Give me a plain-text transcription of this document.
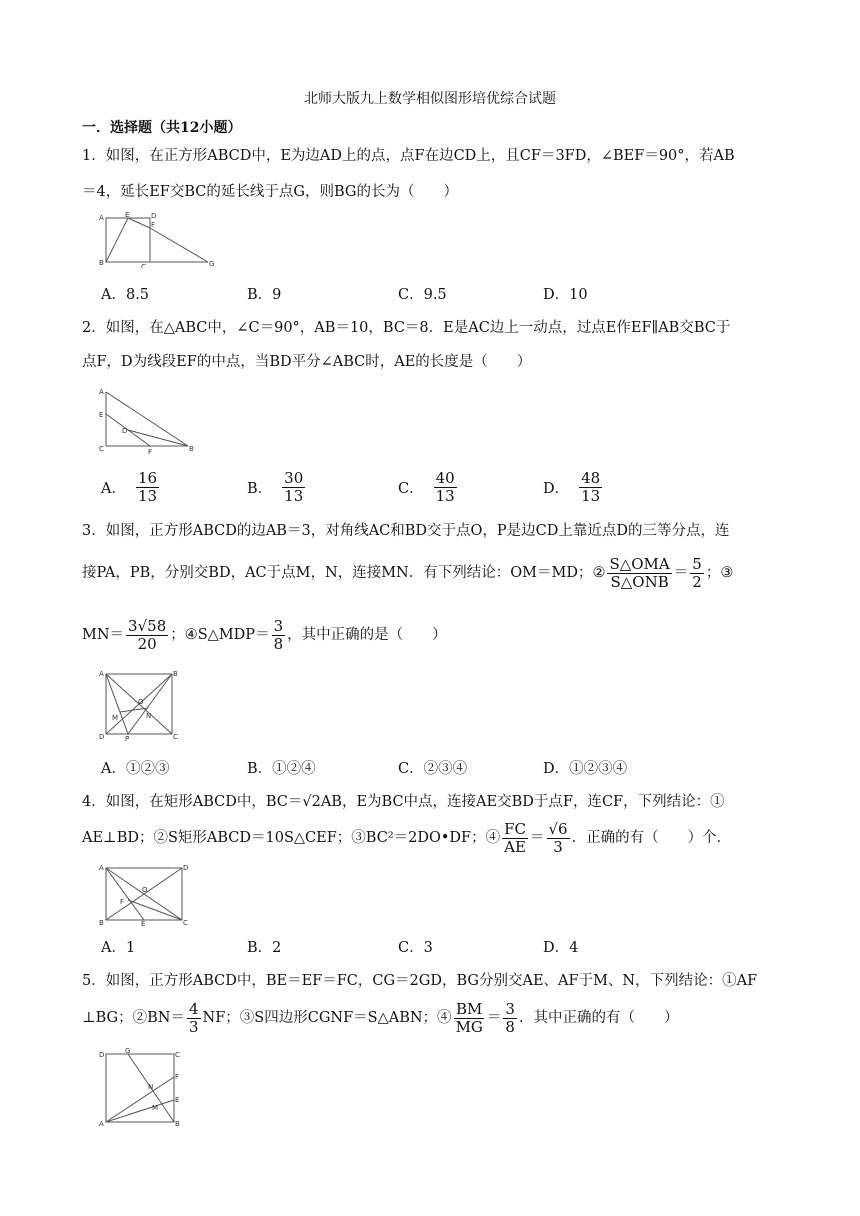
北师大版九上数学相似图形培优综合试题
一．选择题（共12小题）
1．如图，在正方形ABCD中，E为边AD上的点，点F在边CD上，且CF＝3FD，∠BEF＝90°，若AB
＝4，延长EF交BC的延长线于点G，则BG的长为（　　）
A	E	D
F
B	C	G
A．8.5	B．9	C．9.5	D．10
2．如图，在△ABC中，∠C＝90°，AB＝10，BC＝8．E是AC边上一动点，过点E作EF∥AB交BC于
点F，D为线段EF的中点，当BD平分∠ABC时，AE的长度是（　　）
A
E
D
C	F	B
A． $\frac{16}{13}$	B． $\frac{30}{13}$	C． $\frac{40}{13}$	D． $\frac{48}{13}$
3．如图，正方形ABCD的边AB＝3，对角线AC和BD交于点O，P是边CD上靠近点D的三等分点，连
接PA，PB，分别交BD，AC于点M，N，连接MN．有下列结论： OM＝MD； ② $\frac{\text{S△OMA}}{\text{S△ONB}} = \frac{5}{2}$ ； ③
$MN= \frac{3√58}{20}$ ； ④ S△MDP＝ $\frac{3}{8}$ ，其中正确的是（　　）
A	B
O
M	N
D	P	C
A．①②③	B．①②④	C．②③④	D．①②③④
4．如图，在矩形ABCD中，BC＝√2AB，E为BC中点，连接AE交BD于点F，连CF，下列结论：①
AE⊥BD；②S矩形ABCD＝10S△CEF；③BC²＝2DO•DF；④ $\frac{FC}{AE} = \frac{√6}{3}$ ．正确的有（　　）个．
A	D
O
F
B	E	C
A．1	B．2	C．3	D．4
5．如图，正方形ABCD中，BE＝EF＝FC，CG＝2GD，BG分别交AE、AF于M、N，下列结论：①AF
⊥BG；②BN＝ $\frac{4}{3}$ NF；③S四边形CGNF＝S△ABN；④ $\frac{BM}{MG} = \frac{3}{8}$ ．其中正确的有（　　）
D	G	C
F
N
E
M
A	B
